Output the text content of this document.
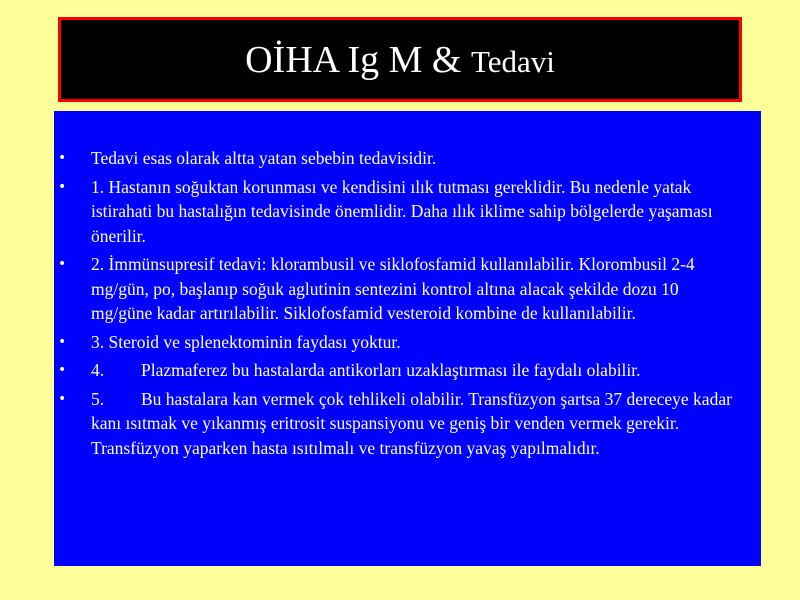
OİHA Ig M & Tedavi
• Tedavi esas olarak altta yatan sebebin tedavisidir.
• 1. Hastanın soğuktan korunması ve kendisini ılık tutması gereklidir. Bu nedenle yatak istirahati bu hastalığın tedavisinde önemlidir. Daha ılık iklime sahip bölgelerde yaşaması önerilir.
• 2. İmmünsupresif tedavi: klorambusil ve siklofosfamid kullanılabilir. Klorombusil 2-4 mg/gün, po, başlanıp soğuk aglutinin sentezini kontrol altına alacak şekilde dozu 10 mg/güne kadar artırılabilir. Siklofosfamid vesteroid kombine de kullanılabilir.
• 3. Steroid ve splenektominin faydası yoktur.
• 4. Plazmaferez bu hastalarda antikorları uzaklaştırması ile faydalı olabilir.
• 5. Bu hastalara kan vermek çok tehlikeli olabilir. Transfüzyon şartsa 37 dereceye kadar kanı ısıtmak ve yıkanmış eritrosit suspansiyonu ve geniş bir venden vermek gerekir. Transfüzyon yaparken hasta ısıtılmalı ve transfüzyon yavaş yapılmalıdır.
